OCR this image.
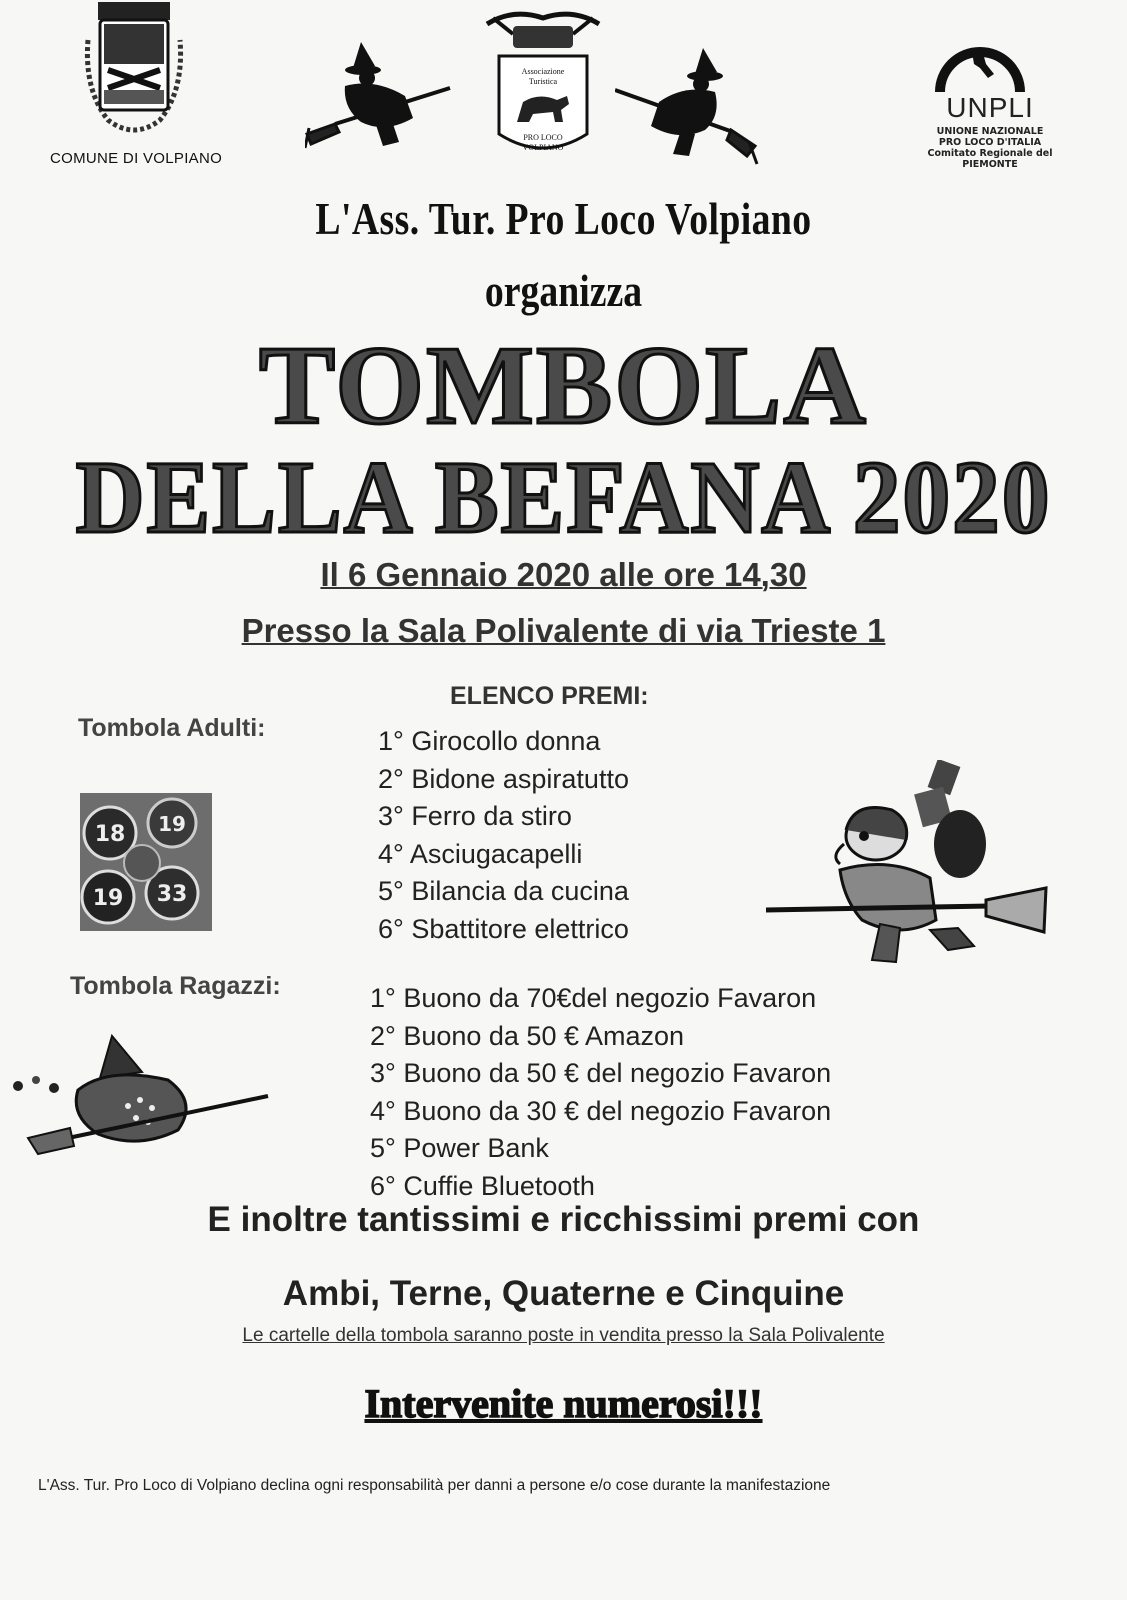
COMUNE DI VOLPIANO
Associazione
Turistica
PRO LOCO
VOLPIANO
UNPLI
UNIONE NAZIONALE
PRO LOCO D'ITALIA
Comitato Regionale del
PIEMONTE
L'Ass. Tur. Pro Loco Volpiano
organizza
TOMBOLA
DELLA BEFANA 2020
Il 6 Gennaio 2020 alle ore 14,30
Presso la Sala Polivalente di via Trieste 1
ELENCO PREMI:
Tombola Adulti:	1° Girocollo donna
2° Bidone aspiratutto
3° Ferro da stiro
4° Asciugacapelli
5° Bilancia da cucina
6° Sbattitore elettrico
18 19
33
19
Tombola Ragazzi:	1° Buono da 70€del negozio Favaron
2° Buono da 50 € Amazon
3° Buono da 50 € del negozio Favaron
4° Buono da 30 € del negozio Favaron
5° Power Bank
6° Cuffie Bluetooth
E inoltre tantissimi e ricchissimi premi con
Ambi, Terne, Quaterne e Cinquine
Le cartelle della tombola saranno poste in vendita presso la Sala Polivalente
Intervenite numerosi!!!
L'Ass. Tur. Pro Loco di Volpiano declina ogni responsabilità per danni a persone e/o cose durante la manifestazione
